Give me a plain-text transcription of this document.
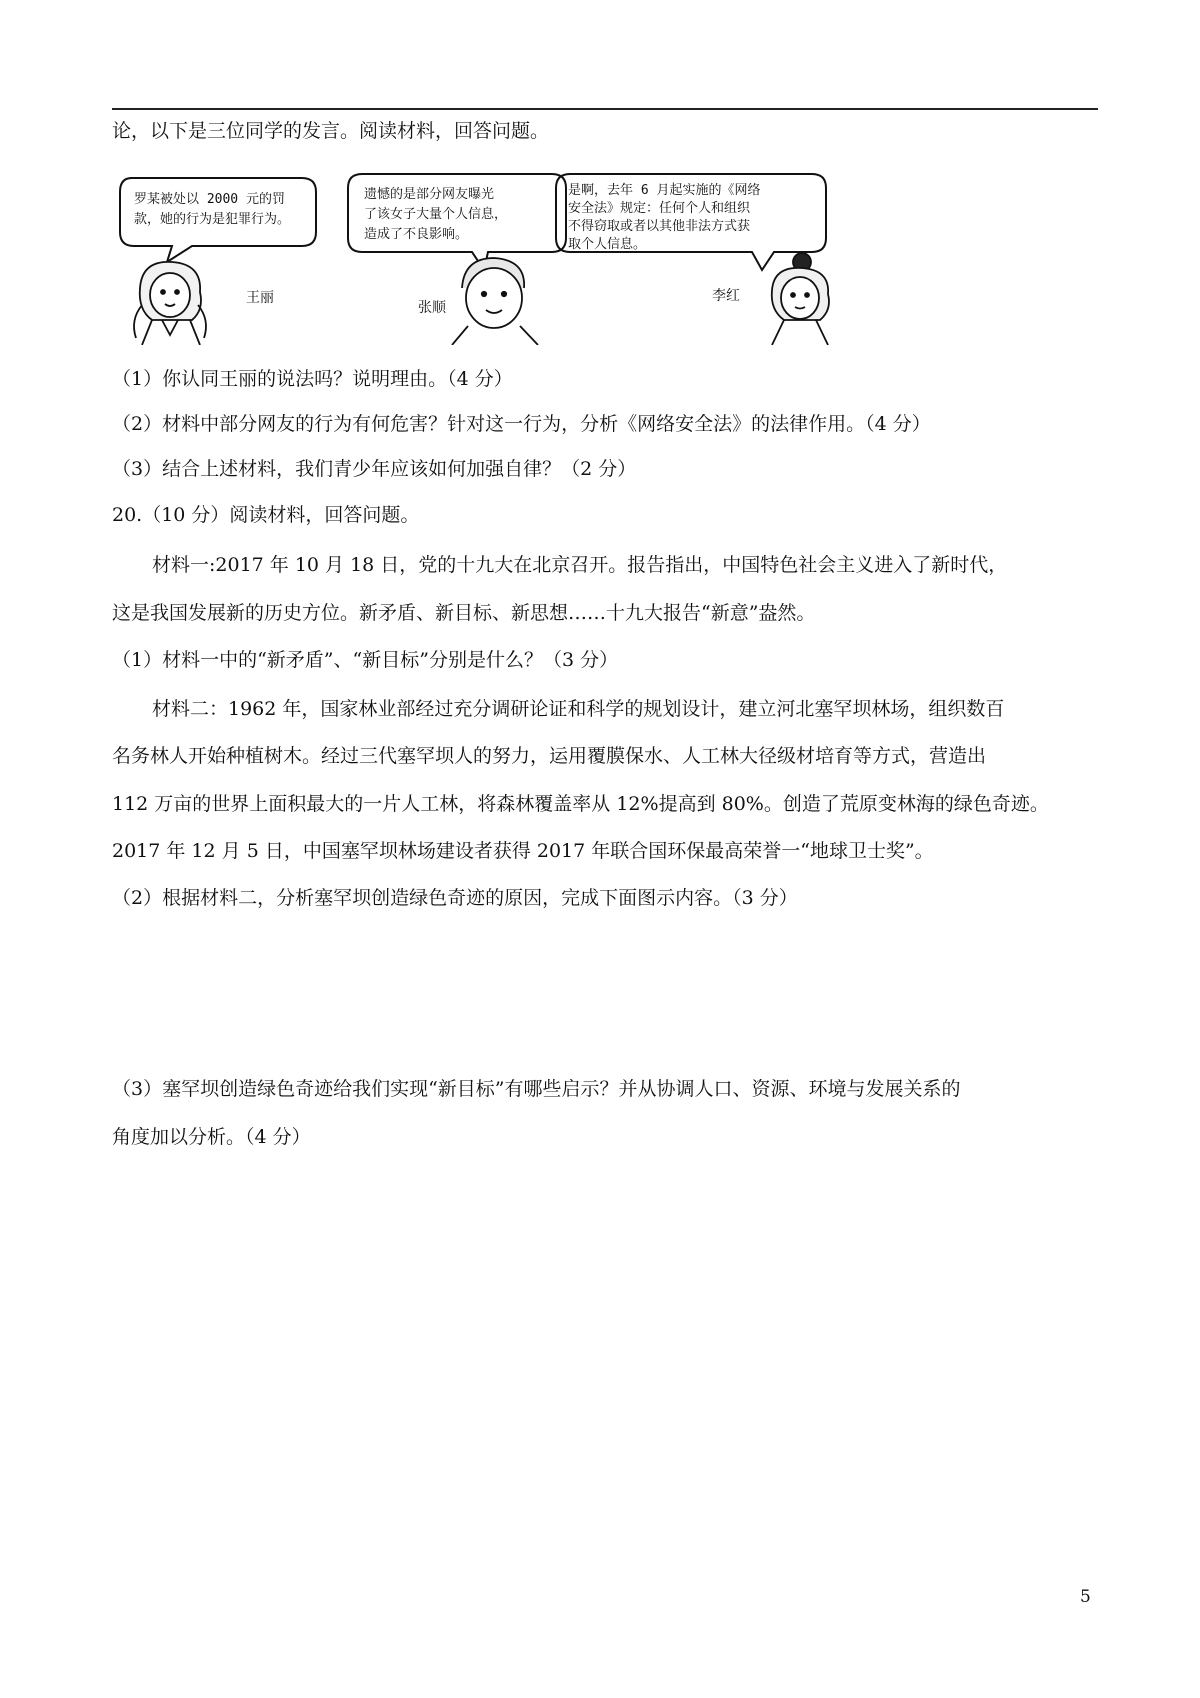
论，以下是三位同学的发言。阅读材料，回答问题。
罗某被处以 2000 元的罚
款，她的行为是犯罪行为。
王丽
遗憾的是部分网友曝光
了该女子大量个人信息，
造成了不良影响。
张顺
是啊，去年 6 月起实施的《网络
安全法》规定：任何个人和组织
不得窃取或者以其他非法方式获
取个人信息。
李红
（1）你认同王丽的说法吗？说明理由。（4 分）
（2）材料中部分网友的行为有何危害？针对这一行为，分析《网络安全法》的法律作用。（4 分）
（3）结合上述材料，我们青少年应该如何加强自律？（2 分）
20.（10 分）阅读材料，回答问题。
材料一:2017 年 10 月 18 日，党的十九大在北京召开。报告指出，中国特色社会主义进入了新时代，
这是我国发展新的历史方位。新矛盾、新目标、新思想……十九大报告“新意”盎然。
（1）材料一中的“新矛盾”、“新目标”分别是什么？（3 分）
材料二：1962 年，国家林业部经过充分调研论证和科学的规划设计，建立河北塞罕坝林场，组织数百
名务林人开始种植树木。经过三代塞罕坝人的努力，运用覆膜保水、人工林大径级材培育等方式，营造出
112 万亩的世界上面积最大的一片人工林，将森林覆盖率从 12%提高到 80%。创造了荒原变林海的绿色奇迹。
2017 年 12 月 5 日，中国塞罕坝林场建设者获得 2017 年联合国环保最高荣誉一“地球卫士奖”。
（2）根据材料二，分析塞罕坝创造绿色奇迹的原因，完成下面图示内容。（3 分）
（3）塞罕坝创造绿色奇迹给我们实现“新目标”有哪些启示？并从协调人口、资源、环境与发展关系的
角度加以分析。（4 分）
5
